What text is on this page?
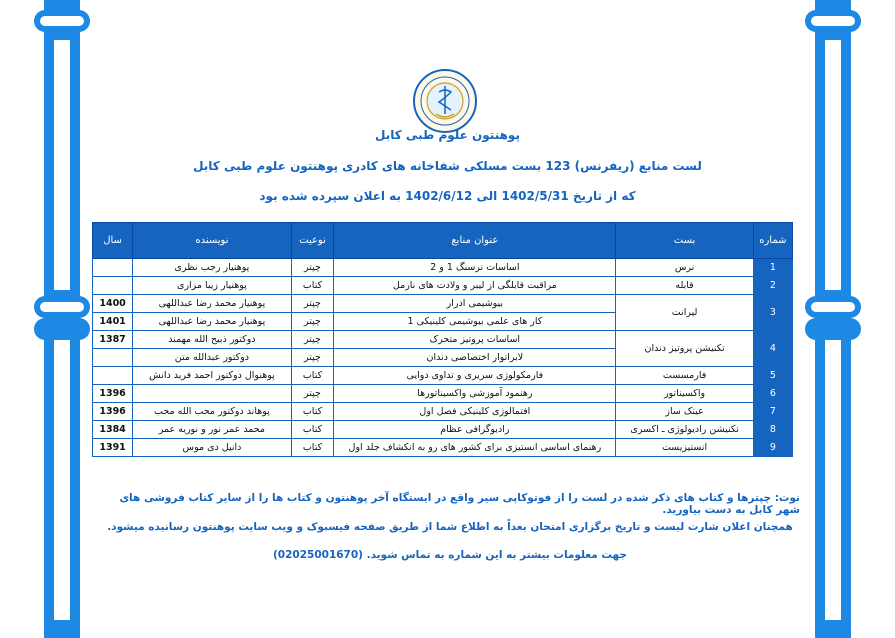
پوهنتون علوم طبی کابل
لست منابع (ریفرنس) 123 بست مسلکی شفاخانه های کادری پوهنتون علوم طبی کابل
که از تاریخ 1402/5/31 الی 1402/6/12 به اعلان سپرده شده بود
شماره	بست	عنوان منابع	نوعیت	نویسنده	سال
1	نرس	اساسات نرسنگ 1 و 2	چپتر	پوهنیار رجب نظری	
2	قابله	مراقبت قابلگی از لیبر و ولادت های نارمل	کتاب	پوهنیار زیبا مزاری	
3	لیرانت	بیوشیمی ادرار	چپتر	پوهنیار محمد رضا عبداللهی	1400
		کار های علمی بیوشیمی کلینیکی 1	چپتر	پوهنیار محمد رضا عبداللهی	1401
4	تکنیشن پروتیز دندان	اساسات پروتیز متحرک	چپتر	دوکتور ذبیح الله مهمند	1387
		لابراتوار اختصاصی دندان	چپتر	دوکتور عبدالله متن	
5	فارمسست	فارمکولوژی سریری و تداوی دوایی	کتاب	پوهنوال دوکتور احمد فرید دانش	
6	واکسیناتور	رهنمود آموزشی واکسیناتورها	چپتر		1396
7	عینک ساز	افتمالوژی کلینیکی فصل اول	کتاب	پوهاند دوکتور محب الله محب	1396
8	تکنیشن رادیولوژی ـ اکسری	رادیوگرافی عظام	کتاب	محمد عمر نور و نوریه عمر	1384
9	انستیزیست	رهنمای اساسی انستیزی برای کشور های رو به انکشاف جلد اول	کتاب	دانیل دی موس	1391
نوت: چپترها و کتاب های ذکر شده در لست را از فوتوکاپی سیر واقع در ایستگاه آخر پوهنتون و کتاب ها را از سایر کتاب فروشی های شهر کابل به دست بیاورید.
همچنان اعلان شارت لیست و تاریخ برگزاری امتحان بعداً به اطلاع شما از طریق صفحه فیسبوک و ویب سایت پوهنتون رسانیده میشود.
جهت معلومات بیشتر به این شماره به تماس شوید. (02025001670)
